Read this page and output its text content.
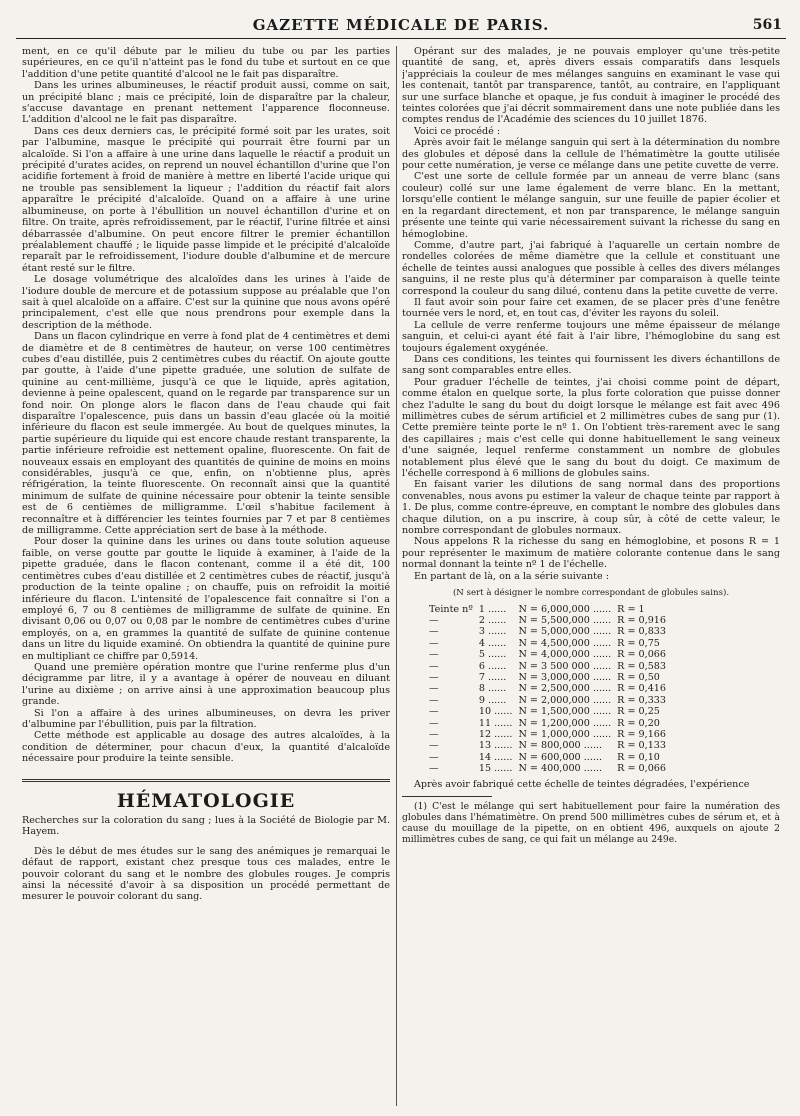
GAZETTE MÉDICALE DE PARIS.	561

ment, en ce qu'il débute par le milieu du tube ou par les parties supérieures, en ce qu'il n'atteint pas le fond du tube et surtout en ce que l'addition d'une petite quantité d'alcool ne le fait pas disparaître.

Dans les urines albumineuses, le réactif produit aussi, comme on sait, un précipité blanc ; mais ce précipité, loin de disparaître par la chaleur, s'accuse davantage en prenant nettement l'apparence floconneuse. L'addition d'alcool ne le fait pas disparaître.

Dans ces deux derniers cas, le précipité formé soit par les urates, soit par l'albumine, masque le précipité qui pourrait être fourni par un alcaloïde. Si l'on a affaire à une urine dans laquelle le réactif a produit un précipité d'urates acides, on reprend un nouvel échantillon d'urine que l'on acidifie fortement à froid de manière à mettre en liberté l'acide urique qui ne trouble pas sensiblement la liqueur ; l'addition du réactif fait alors apparaître le précipité d'alcaloïde. Quand on a affaire à une urine albumineuse, on porte à l'ébullition un nouvel échantillon d'urine et on filtre. On traite, après refroidissement, par le réactif, l'urine filtrée et ainsi débarrassée d'albumine. On peut encore filtrer le premier échantillon préalablement chauffé ; le liquide passe limpide et le précipité d'alcaloïde reparaît par le refroidissement, l'iodure double d'albumine et de mercure étant resté sur le filtre.

Le dosage volumétrique des alcaloïdes dans les urines à l'aide de l'iodure double de mercure et de potassium suppose au préalable que l'on sait à quel alcaloïde on a affaire. C'est sur la quinine que nous avons opéré principalement, c'est elle que nous prendrons pour exemple dans la description de la méthode.

Dans un flacon cylindrique en verre à fond plat de 4 centimètres et demi de diamètre et de 8 centimètres de hauteur, on verse 100 centimètres cubes d'eau distillée, puis 2 centimètres cubes du réactif. On ajoute goutte par goutte, à l'aide d'une pipette graduée, une solution de sulfate de quinine au cent-millième, jusqu'à ce que le liquide, après agitation, devienne à peine opalescent, quand on le regarde par transparence sur un fond noir. On plonge alors le flacon dans de l'eau chaude qui fait disparaître l'opalescence, puis dans un bassin d'eau glacée où la moitié inférieure du flacon est seule immergée. Au bout de quelques minutes, la partie supérieure du liquide qui est encore chaude restant transparente, la partie inférieure refroidie est nettement opaline, fluorescente. On fait de nouveaux essais en employant des quantités de quinine de moins en moins considérables, jusqu'à ce que, enfin, on n'obtienne plus, après réfrigération, la teinte fluorescente. On reconnaît ainsi que la quantité minimum de sulfate de quinine nécessaire pour obtenir la teinte sensible est de 6 centièmes de milligramme. L'œil s'habitue facilement à reconnaître et à différencier les teintes fournies par 7 et par 8 centièmes de milligramme. Cette appréciation sert de base à la méthode.

Pour doser la quinine dans les urines ou dans toute solution aqueuse faible, on verse goutte par goutte le liquide à examiner, à l'aide de la pipette graduée, dans le flacon contenant, comme il a été dit, 100 centimètres cubes d'eau distillée et 2 centimètres cubes de réactif, jusqu'à production de la teinte opaline ; on chauffe, puis on refroidit la moitié inférieure du flacon. L'intensité de l'opalescence fait connaître si l'on a employé 6, 7 ou 8 centièmes de milligramme de sulfate de quinine. En divisant 0,06 ou 0,07 ou 0,08 par le nombre de centimètres cubes d'urine employés, on a, en grammes la quantité de sulfate de quinine contenue dans un litre du liquide examiné. On obtiendra la quantité de quinine pure en multipliant ce chiffre par 0,5914.

Quand une première opération montre que l'urine renferme plus d'un décigramme par litre, il y a avantage à opérer de nouveau en diluant l'urine au dixième ; on arrive ainsi à une approximation beaucoup plus grande.

Si l'on a affaire à des urines albumineuses, on devra les priver d'albumine par l'ébullition, puis par la filtration.

Cette méthode est applicable au dosage des autres alcaloïdes, à la condition de déterminer, pour chacun d'eux, la quantité d'alcaloïde nécessaire pour produire la teinte sensible.

HÉMATOLOGIE

Recherches sur la coloration du sang ; lues à la Société de Biologie par M. Hayem.

Dès le début de mes études sur le sang des anémiques je remarquai le défaut de rapport, existant chez presque tous ces malades, entre le pouvoir colorant du sang et le nombre des globules rouges. Je compris ainsi la nécessité d'avoir à sa disposition un procédé permettant de mesurer le pouvoir colorant du sang.

Opérant sur des malades, je ne pouvais employer qu'une très-petite quantité de sang, et, après divers essais comparatifs dans lesquels j'appréciais la couleur de mes mélanges sanguins en examinant le vase qui les contenait, tantôt par transparence, tantôt, au contraire, en l'appliquant sur une surface blanche et opaque, je fus conduit à imaginer le procédé des teintes colorées que j'ai décrit sommairement dans une note publiée dans les comptes rendus de l'Académie des sciences du 10 juillet 1876.

Voici ce procédé :

Après avoir fait le mélange sanguin qui sert à la détermination du nombre des globules et déposé dans la cellule de l'hématimètre la goutte utilisée pour cette numération, je verse ce mélange dans une petite cuvette de verre.

C'est une sorte de cellule formée par un anneau de verre blanc (sans couleur) collé sur une lame également de verre blanc. En la mettant, lorsqu'elle contient le mélange sanguin, sur une feuille de papier écolier et en la regardant directement, et non par transparence, le mélange sanguin présente une teinte qui varie nécessairement suivant la richesse du sang en hémoglobine.

Comme, d'autre part, j'ai fabriqué à l'aquarelle un certain nombre de rondelles colorées de même diamètre que la cellule et constituant une échelle de teintes aussi analogues que possible à celles des divers mélanges sanguins, il ne reste plus qu'à déterminer par comparaison à quelle teinte correspond la couleur du sang dilué, contenu dans la petite cuvette de verre.

Il faut avoir soin pour faire cet examen, de se placer près d'une fenêtre tournée vers le nord, et, en tout cas, d'éviter les rayons du soleil.

La cellule de verre renferme toujours une même épaisseur de mélange sanguin, et celui-ci ayant été fait à l'air libre, l'hémoglobine du sang est toujours également oxygénée.

Dans ces conditions, les teintes qui fournissent les divers échantillons de sang sont comparables entre elles.

Pour graduer l'échelle de teintes, j'ai choisi comme point de départ, comme étalon en quelque sorte, la plus forte coloration que puisse donner chez l'adulte le sang du bout du doigt lorsque le mélange est fait avec 496 millimètres cubes de sérum artificiel et 2 millimètres cubes de sang pur (1). Cette première teinte porte le nº 1. On l'obtient très-rarement avec le sang des capillaires ; mais c'est celle qui donne habituellement le sang veineux d'une saignée, lequel renferme constamment un nombre de globules notablement plus élevé que le sang du bout du doigt. Ce maximum de l'échelle correspond à 6 millions de globules sains.

En faisant varier les dilutions de sang normal dans des proportions convenables, nous avons pu estimer la valeur de chaque teinte par rapport à 1. De plus, comme contre-épreuve, en comptant le nombre des globules dans chaque dilution, on a pu inscrire, à coup sûr, à côté de cette valeur, le nombre correspondant de globules normaux.

Nous appelons R la richesse du sang en hémoglobine, et posons R = 1 pour représenter le maximum de matière colorante contenue dans le sang normal donnant la teinte nº 1 de l'échelle.

En partant de là, on a la série suivante :

(N sert à désigner le nombre correspondant de globules sains).
Teinte nº	1 ......	N = 6,000,000 ......	R = 1
—	2 ......	N = 5,500,000 ......	R = 0,916
—	3 ......	N = 5,000,000 ......	R = 0,833
—	4 ......	N = 4,500,000 ......	R = 0,75
—	5 ......	N = 4,000,000 ......	R = 0,066
—	6 ......	N = 3 500 000 ......	R = 0,583
—	7 ......	N = 3,000,000 ......	R = 0,50
—	8 ......	N = 2,500,000 ......	R = 0,416
—	9 ......	N = 2,000,000 ......	R = 0,333
—	10 ......	N = 1,500,000 ......	R = 0,25
—	11 ......	N = 1,200,000 ......	R = 0,20
—	12 ......	N = 1,000,000 ......	R = 9,166
—	13 ......	N = 800,000 ......	R = 0,133
—	14 ......	N = 600,000 ......	R = 0,10
—	15 ......	N = 400,000 ......	R = 0,066

Après avoir fabriqué cette échelle de teintes dégradées, l'expérience

(1) C'est le mélange qui sert habituellement pour faire la numération des globules dans l'hématimètre. On prend 500 millimètres cubes de sérum et, et à cause du mouillage de la pipette, on en obtient 496, auxquels on ajoute 2 millimètres cubes de sang, ce qui fait un mélange au 249e.
